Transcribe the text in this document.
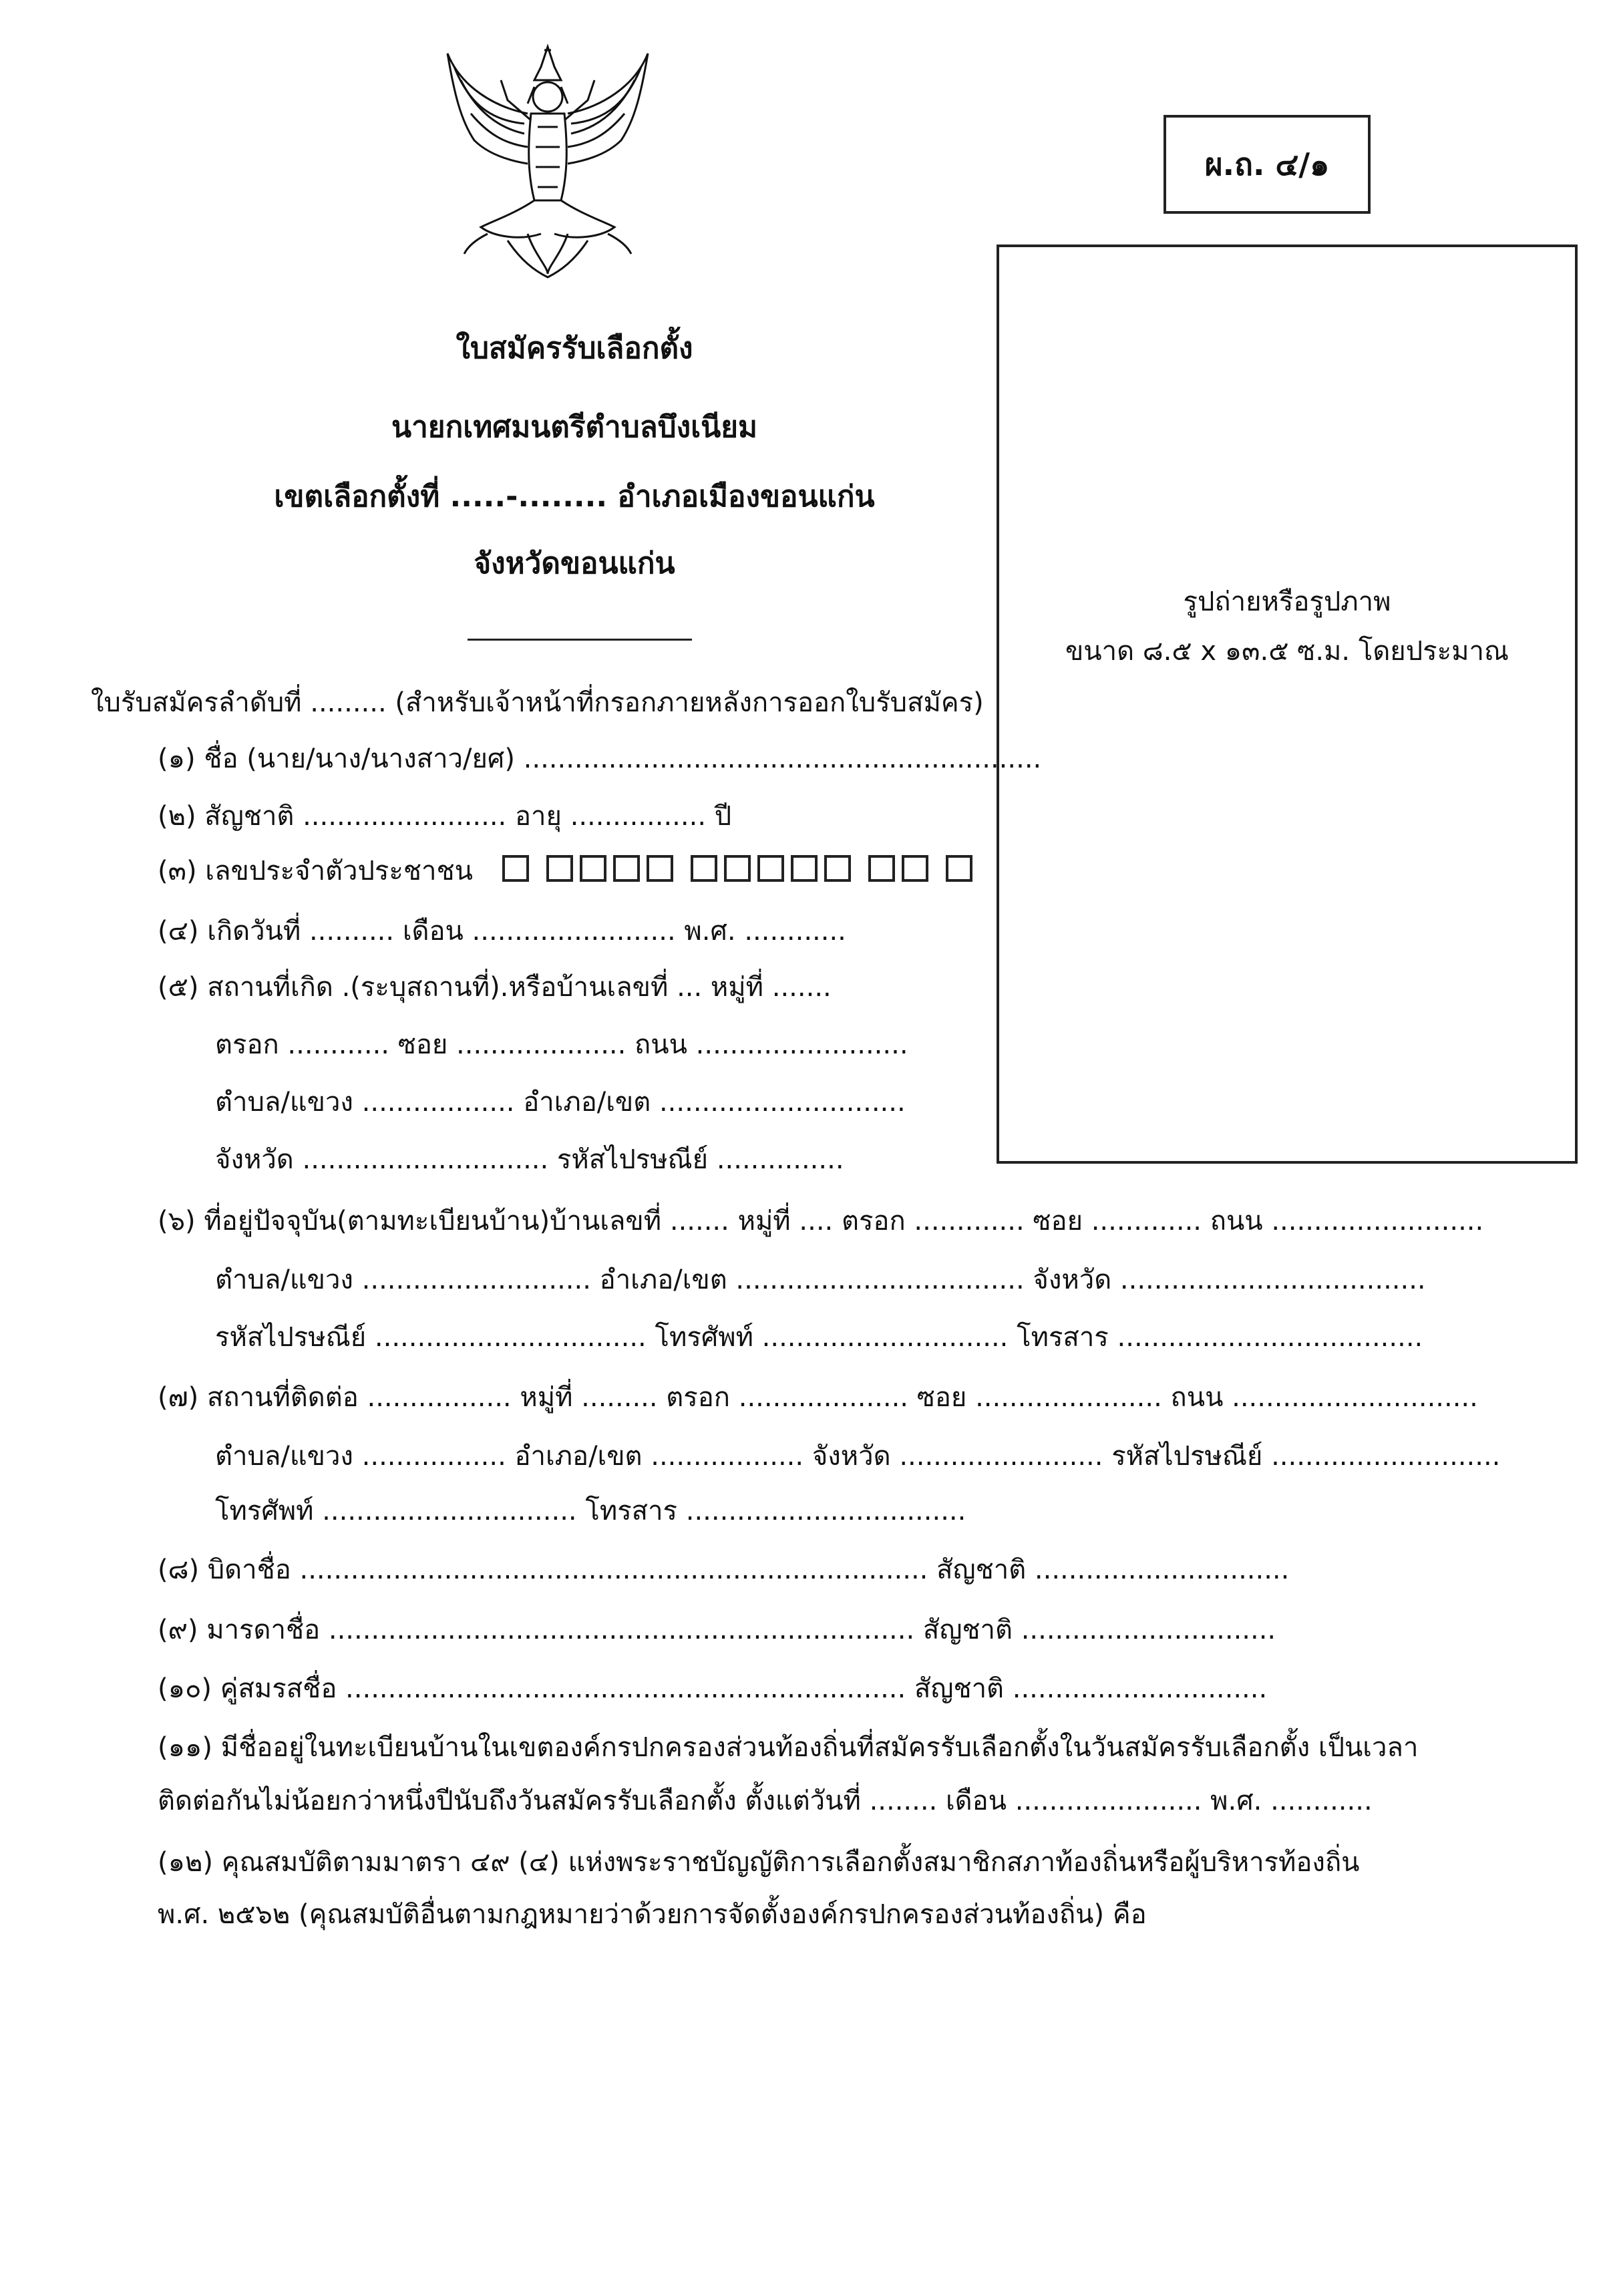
ผ.ถ. ๔/๑
รูปถ่ายหรือรูปภาพ
ขนาด ๘.๕ x ๑๓.๕ ซ.ม. โดยประมาณ
ใบสมัครรับเลือกตั้ง
นายกเทศมนตรีตำบลบึงเนียม
เขตเลือกตั้งที่ .....-........ อำเภอเมืองขอนแก่น
จังหวัดขอนแก่น
ใบรับสมัครลำดับที่ ......... (สำหรับเจ้าหน้าที่กรอกภายหลังการออกใบรับสมัคร)
(๑) ชื่อ (นาย/นาง/นางสาว/ยศ) .............................................................
(๒) สัญชาติ ........................ อายุ ................ ปี
(๓) เลขประจำตัวประชาชน
(๔) เกิดวันที่ .......... เดือน ........................ พ.ศ. ............
(๕) สถานที่เกิด .(ระบุสถานที่).หรือบ้านเลขที่ ... หมู่ที่ .......
ตรอก ............ ซอย .................... ถนน .........................
ตำบล/แขวง .................. อำเภอ/เขต .............................
จังหวัด ............................. รหัสไปรษณีย์ ...............
(๖) ที่อยู่ปัจจุบัน(ตามทะเบียนบ้าน)บ้านเลขที่ ....... หมู่ที่ .... ตรอก ............. ซอย ............. ถนน .........................
ตำบล/แขวง ........................... อำเภอ/เขต .................................. จังหวัด ....................................
รหัสไปรษณีย์ ................................ โทรศัพท์ ............................. โทรสาร ....................................
(๗) สถานที่ติดต่อ ................. หมู่ที่ ......... ตรอก .................... ซอย ...................... ถนน .............................
ตำบล/แขวง ................. อำเภอ/เขต .................. จังหวัด ........................ รหัสไปรษณีย์ ...........................
โทรศัพท์ .............................. โทรสาร .................................
(๘) บิดาชื่อ .......................................................................... สัญชาติ ..............................
(๙) มารดาชื่อ ..................................................................... สัญชาติ ..............................
(๑๐) คู่สมรสชื่อ .................................................................. สัญชาติ ..............................
(๑๑) มีชื่ออยู่ในทะเบียนบ้านในเขตองค์กรปกครองส่วนท้องถิ่นที่สมัครรับเลือกตั้งในวันสมัครรับเลือกตั้ง เป็นเวลา
ติดต่อกันไม่น้อยกว่าหนึ่งปีนับถึงวันสมัครรับเลือกตั้ง ตั้งแต่วันที่ ........ เดือน ...................... พ.ศ. ............
(๑๒) คุณสมบัติตามมาตรา ๔๙ (๔) แห่งพระราชบัญญัติการเลือกตั้งสมาชิกสภาท้องถิ่นหรือผู้บริหารท้องถิ่น
พ.ศ. ๒๕๖๒ (คุณสมบัติอื่นตามกฎหมายว่าด้วยการจัดตั้งองค์กรปกครองส่วนท้องถิ่น) คือ
